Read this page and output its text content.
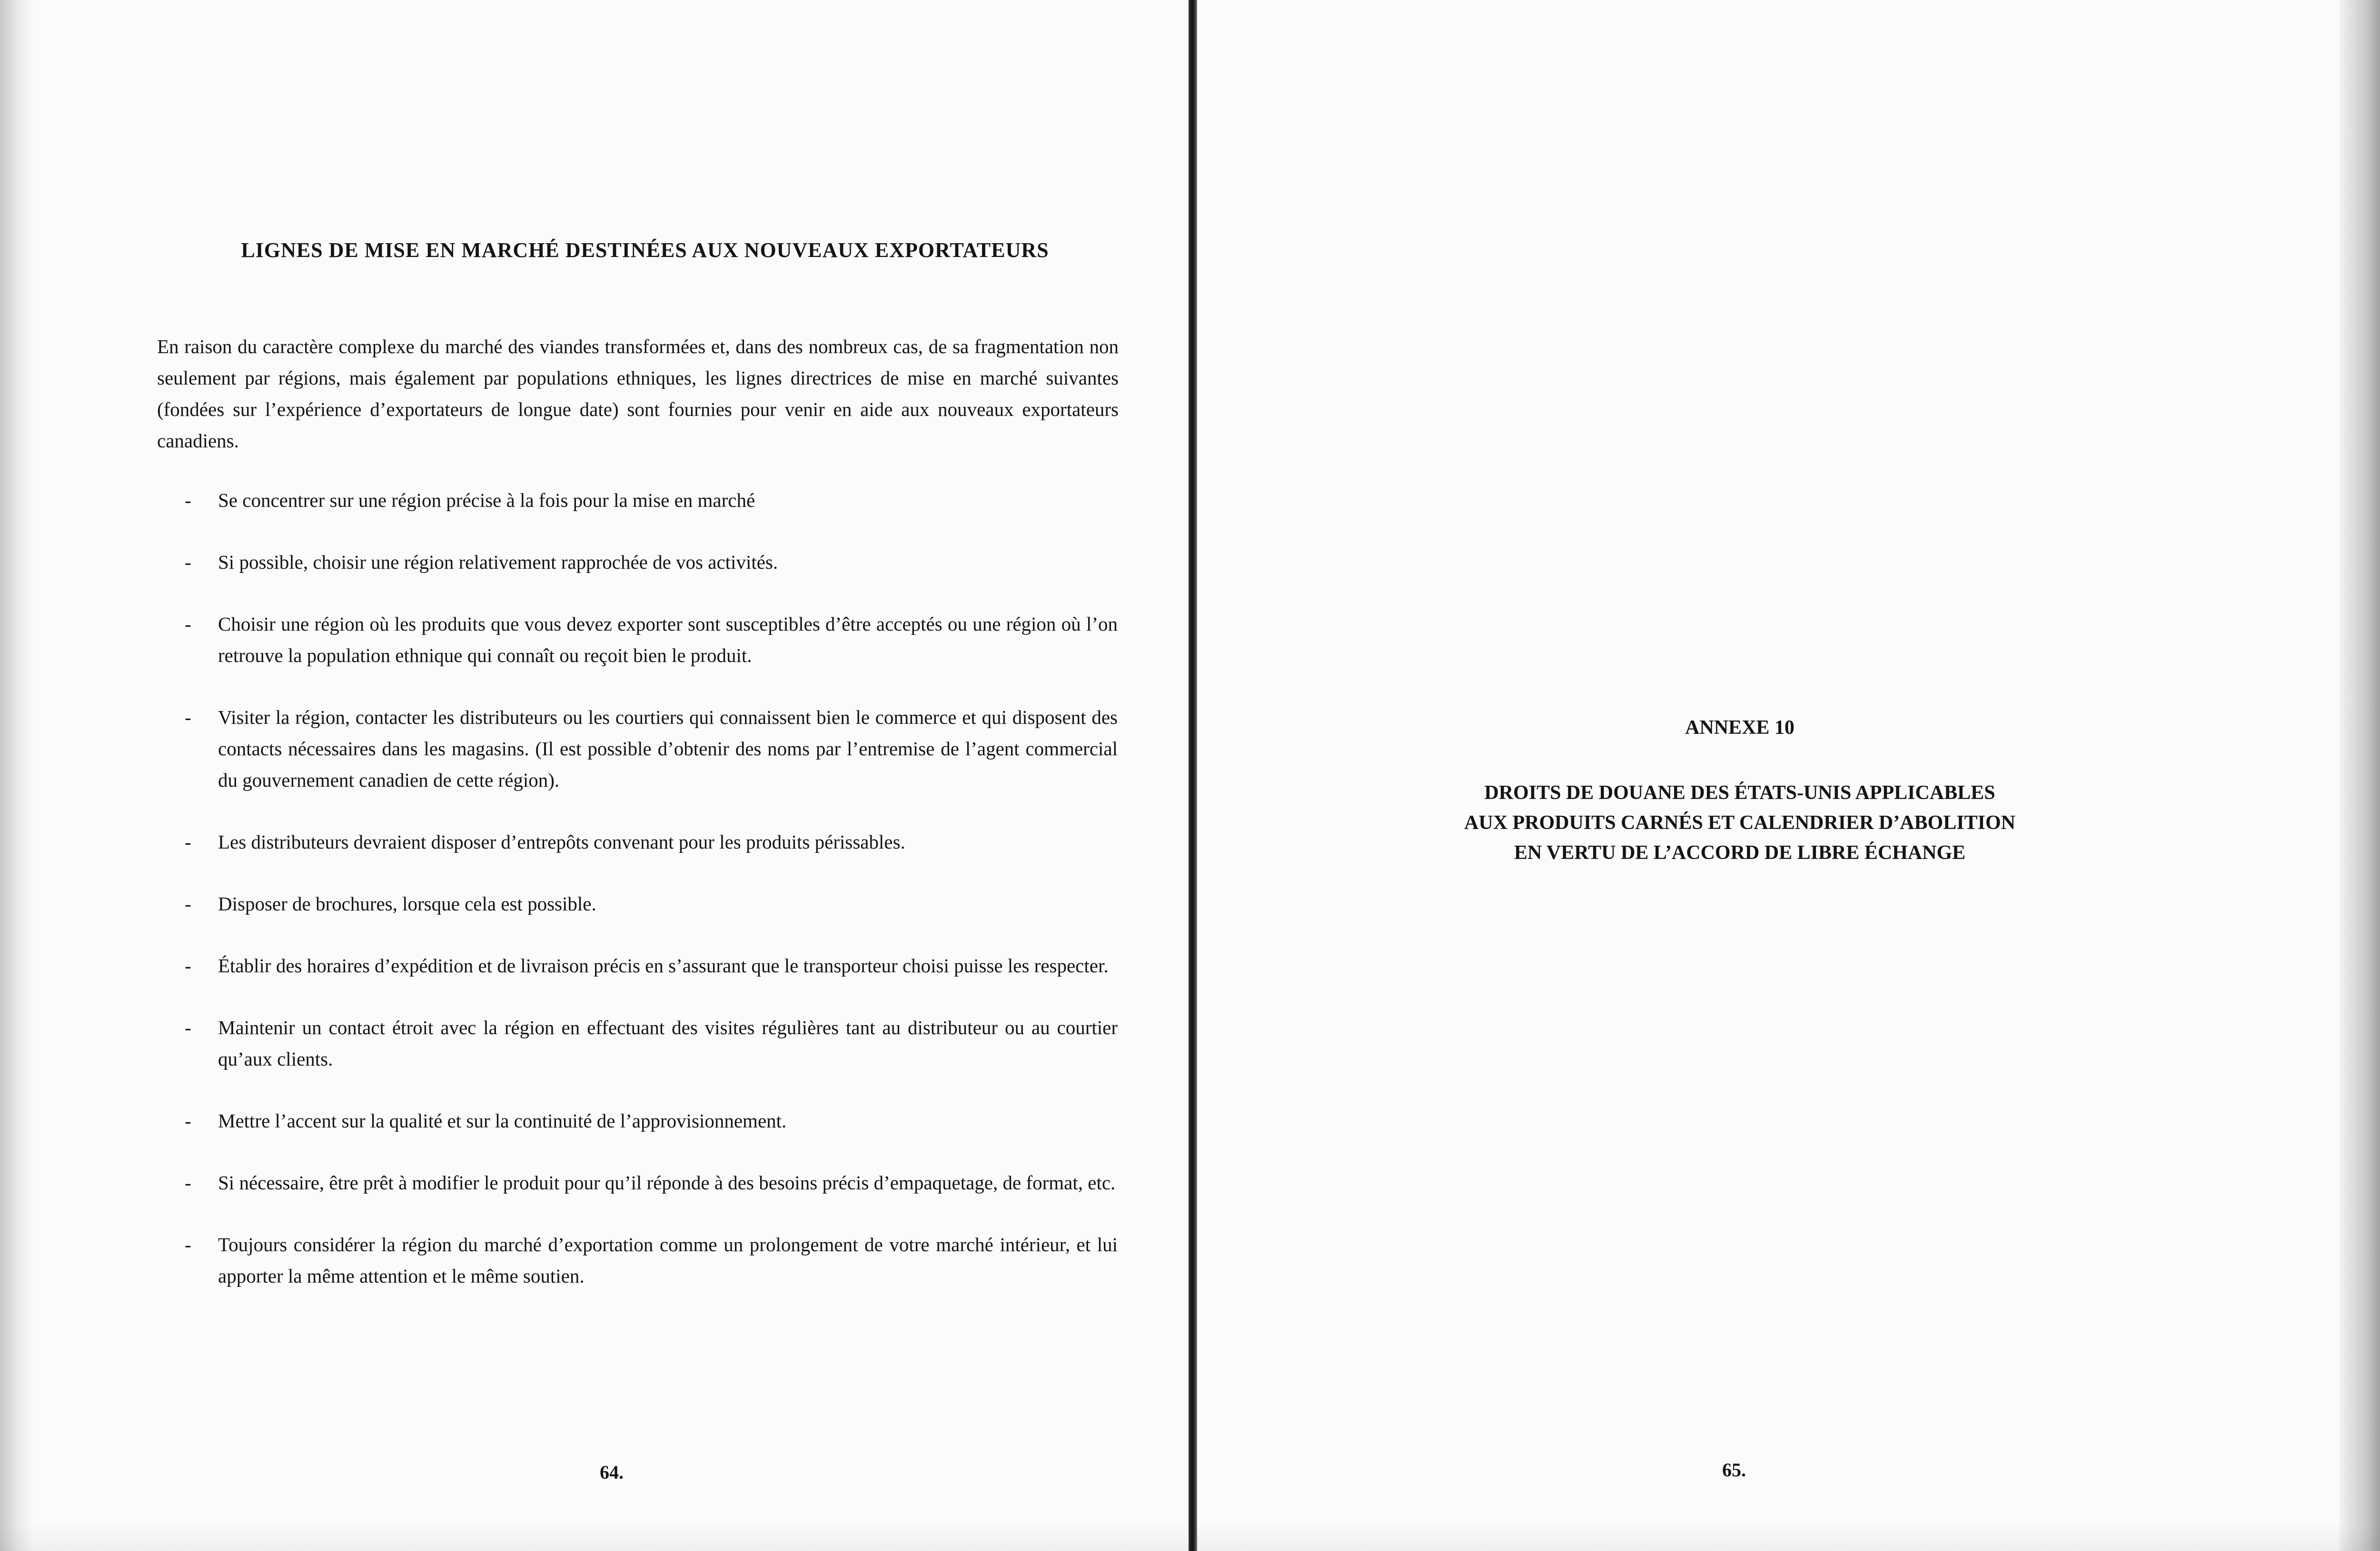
LIGNES DE MISE EN MARCHÉ DESTINÉES AUX NOUVEAUX EXPORTATEURS

En raison du caractère complexe du marché des viandes transformées et, dans des nombreux cas, de sa fragmentation non seulement par régions, mais également par populations ethniques, les lignes directrices de mise en marché suivantes (fondées sur l’expérience d’exportateurs de longue date) sont fournies pour venir en aide aux nouveaux exportateurs canadiens.

- Se concentrer sur une région précise à la fois pour la mise en marché
- Si possible, choisir une région relativement rapprochée de vos activités.
- Choisir une région où les produits que vous devez exporter sont susceptibles d’être acceptés ou une région où l’on retrouve la population ethnique qui connaît ou reçoit bien le produit.
- Visiter la région, contacter les distributeurs ou les courtiers qui connaissent bien le commerce et qui disposent des contacts nécessaires dans les magasins. (Il est possible d’obtenir des noms par l’entremise de l’agent commercial du gouvernement canadien de cette région).
- Les distributeurs devraient disposer d’entrepôts convenant pour les produits périssables.
- Disposer de brochures, lorsque cela est possible.
- Établir des horaires d’expédition et de livraison précis en s’assurant que le transporteur choisi puisse les respecter.
- Maintenir un contact étroit avec la région en effectuant des visites régulières tant au distributeur ou au courtier qu’aux clients.
- Mettre l’accent sur la qualité et sur la continuité de l’approvisionnement.
- Si nécessaire, être prêt à modifier le produit pour qu’il réponde à des besoins précis d’empaquetage, de format, etc.
- Toujours considérer la région du marché d’exportation comme un prolongement de votre marché intérieur, et lui apporter la même attention et le même soutien.
64.

ANNEXE 10

DROITS DE DOUANE DES ÉTATS-UNIS APPLICABLES
AUX PRODUITS CARNÉS ET CALENDRIER D’ABOLITION
EN VERTU DE L’ACCORD DE LIBRE ÉCHANGE

65.
